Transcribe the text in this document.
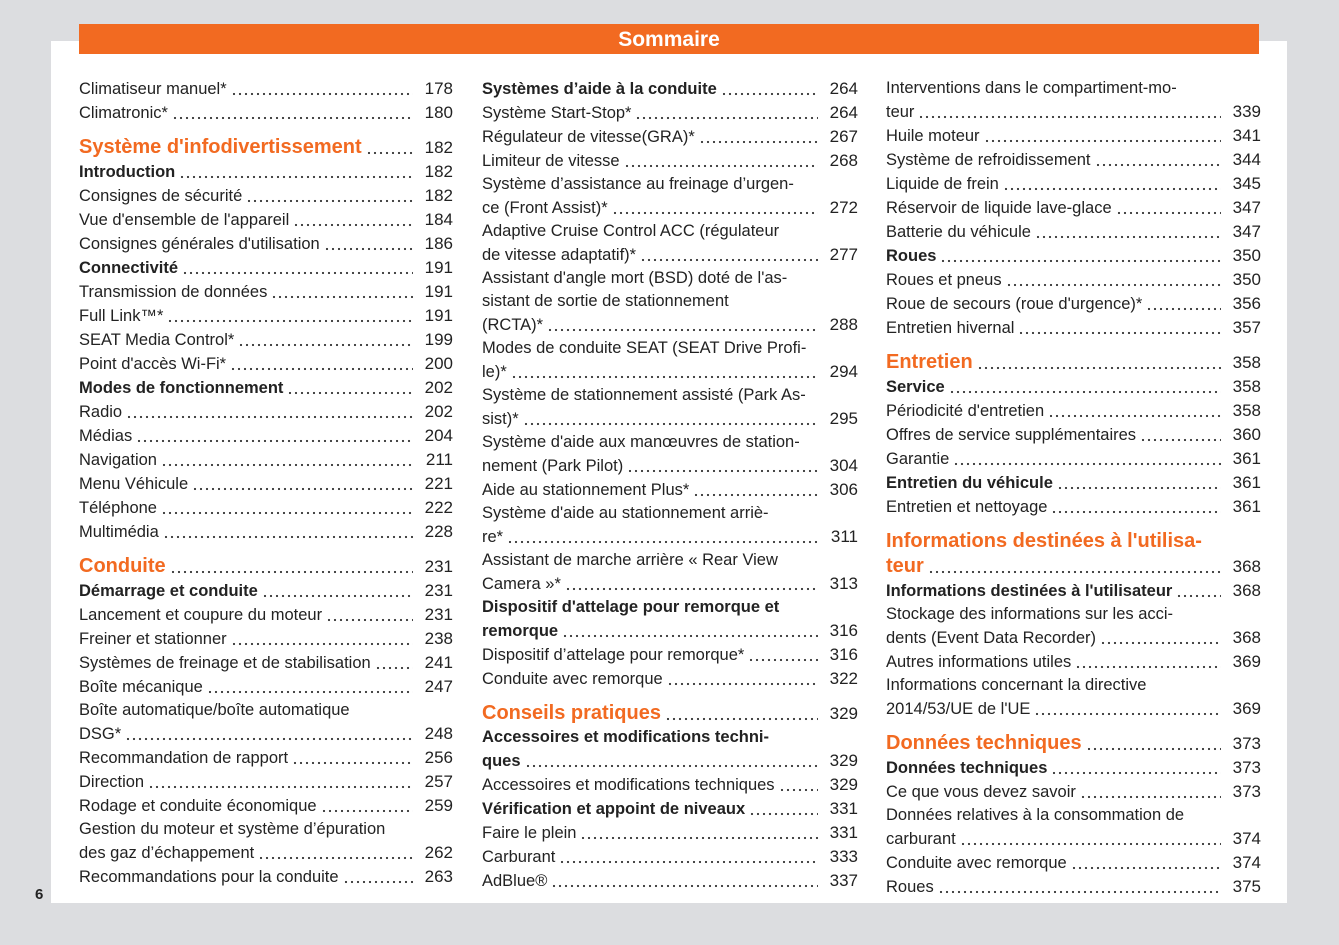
Sommaire
Climatiseur manuel*	178
Climatronic*	180
Système d'infodivertissement	182
Introduction	182
Consignes de sécurité	182
Vue d'ensemble de l'appareil	184
Consignes générales d'utilisation	186
Connectivité	191
Transmission de données	191
Full Link™*	191
SEAT Media Control*	199
Point d'accès Wi-Fi*	200
Modes de fonctionnement	202
Radio	202
Médias	204
Navigation	211
Menu Véhicule	221
Téléphone	222
Multimédia	228
Conduite	231
Démarrage et conduite	231
Lancement et coupure du moteur	231
Freiner et stationner	238
Systèmes de freinage et de stabilisation	241
Boîte mécanique	247
Boîte automatique/boîte automatique
DSG*	248
Recommandation de rapport	256
Direction	257
Rodage et conduite économique	259
Gestion du moteur et système d’épuration
des gaz d’échappement	262
Recommandations pour la conduite	263
Systèmes d’aide à la conduite	264
Système Start-Stop*	264
Régulateur de vitesse(GRA)*	267
Limiteur de vitesse	268
Système d’assistance au freinage d’urgen-
ce (Front Assist)*	272
Adaptive Cruise Control ACC (régulateur
de vitesse adaptatif)*	277
Assistant d'angle mort (BSD) doté de l'as-
sistant de sortie de stationnement
(RCTA)*	288
Modes de conduite SEAT (SEAT Drive Profi-
le)*	294
Système de stationnement assisté (Park As-
sist)*	295
Système d'aide aux manœuvres de station-
nement (Park Pilot)	304
Aide au stationnement Plus*	306
Système d'aide au stationnement arriè-
re*	311
Assistant de marche arrière « Rear View
Camera »*	313
Dispositif d'attelage pour remorque et
remorque	316
Dispositif d’attelage pour remorque*	316
Conduite avec remorque	322
Conseils pratiques	329
Accessoires et modifications techni-
ques	329
Accessoires et modifications techniques	329
Vérification et appoint de niveaux	331
Faire le plein	331
Carburant	333
AdBlue®	337
Interventions dans le compartiment-mo-
teur	339
Huile moteur	341
Système de refroidissement	344
Liquide de frein	345
Réservoir de liquide lave-glace	347
Batterie du véhicule	347
Roues	350
Roues et pneus	350
Roue de secours (roue d'urgence)*	356
Entretien hivernal	357
Entretien	358
Service	358
Périodicité d'entretien	358
Offres de service supplémentaires	360
Garantie	361
Entretien du véhicule	361
Entretien et nettoyage	361
Informations destinées à l'utilisa-
teur	368
Informations destinées à l'utilisateur	368
Stockage des informations sur les acci-
dents (Event Data Recorder)	368
Autres informations utiles	369
Informations concernant la directive
2014/53/UE de l'UE	369
Données techniques	373
Données techniques	373
Ce que vous devez savoir	373
Données relatives à la consommation de
carburant	374
Conduite avec remorque	374
Roues	375
6
